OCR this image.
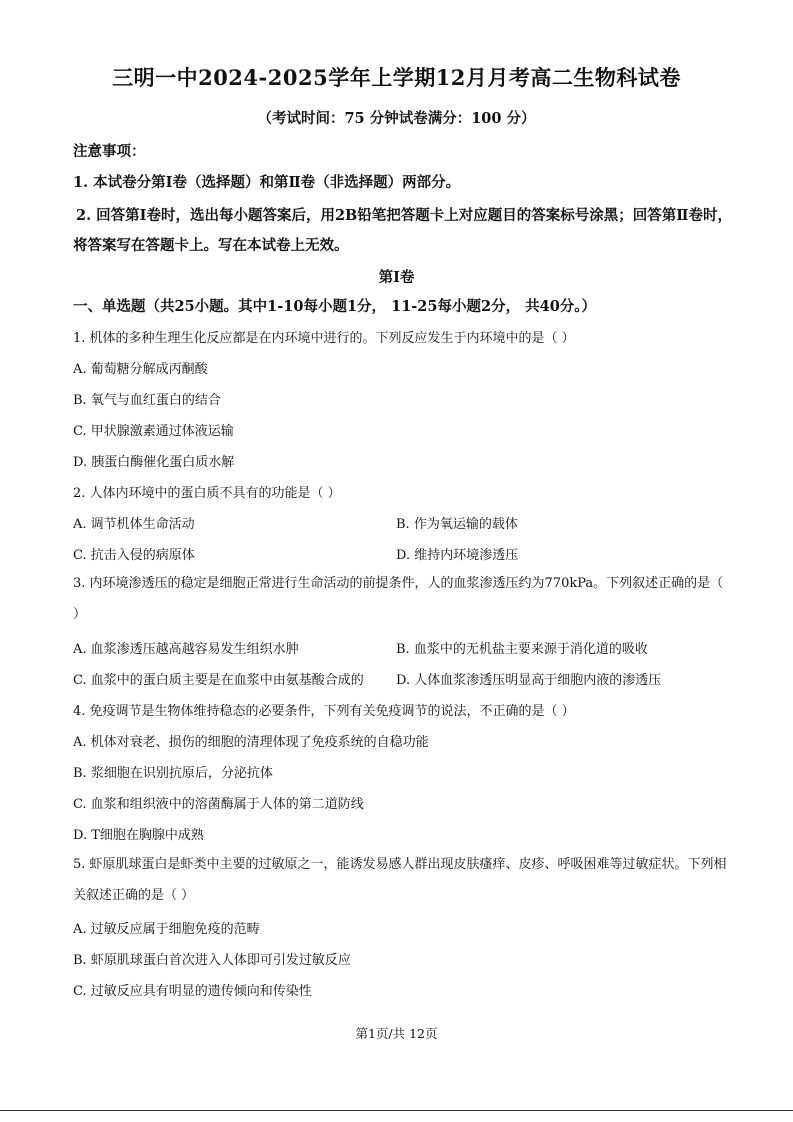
三明一中2024-2025学年上学期12月月考高二生物科试卷
（考试时间：75 分钟试卷满分：100 分）
注意事项：
1. 本试卷分第Ⅰ卷（选择题）和第Ⅱ卷（非选择题）两部分。
2. 回答第Ⅰ卷时，选出每小题答案后，用2B铅笔把答题卡上对应题目的答案标号涂黑；回答第Ⅱ卷时，将答案写在答题卡上。写在本试卷上无效。
第Ⅰ卷
一、单选题（共25小题。其中1-10每小题1分， 11-25每小题2分， 共40分。）
1. 机体的多种生理生化反应都是在内环境中进行的。下列反应发生于内环境中的是（ ）
A. 葡萄糖分解成丙酮酸
B. 氧气与血红蛋白的结合
C. 甲状腺激素通过体液运输
D. 胰蛋白酶催化蛋白质水解
2. 人体内环境中的蛋白质不具有的功能是（ ）
A. 调节机体生命活动	B. 作为氧运输的载体
C. 抗击入侵的病原体	D. 维持内环境渗透压
3. 内环境渗透压的稳定是细胞正常进行生命活动的前提条件，人的血浆渗透压约为770kPa。下列叙述正确的是（ ）
A. 血浆渗透压越高越容易发生组织水肿	B. 血浆中的无机盐主要来源于消化道的吸收
C. 血浆中的蛋白质主要是在血浆中由氨基酸合成的 D. 人体血浆渗透压明显高于细胞内液的渗透压
4. 免疫调节是生物体维持稳态的必要条件，下列有关免疫调节的说法，不正确的是（ ）
A. 机体对衰老、损伤的细胞的清理体现了免疫系统的自稳功能
B. 浆细胞在识别抗原后，分泌抗体
C. 血浆和组织液中的溶菌酶属于人体的第二道防线
D. T细胞在胸腺中成熟
5. 虾原肌球蛋白是虾类中主要的过敏原之一，能诱发易感人群出现皮肤瘙痒、皮疹、呼吸困难等过敏症状。下列相关叙述正确的是（ ）
A. 过敏反应属于细胞免疫的范畴
B. 虾原肌球蛋白首次进入人体即可引发过敏反应
C. 过敏反应具有明显的遗传倾向和传染性
第1页/共 12页
